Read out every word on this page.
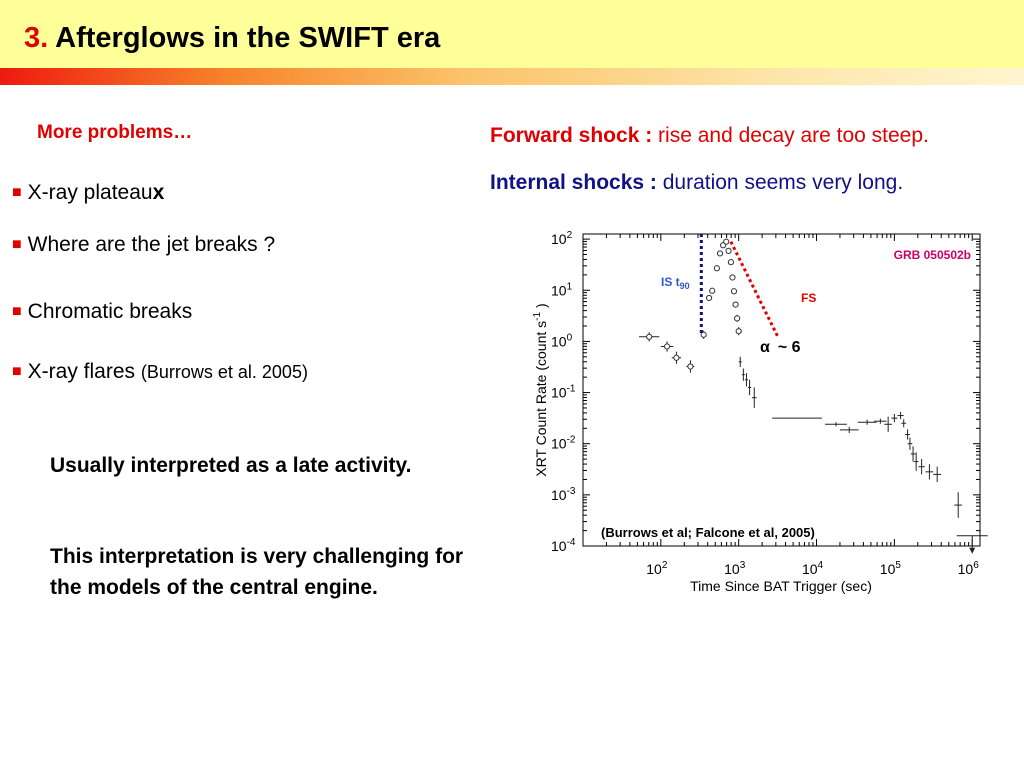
3. Afterglows in the SWIFT era
More problems…
■ X-ray plateaux
■ Where are the jet breaks ?
■ Chromatic breaks
■ X-ray flares (Burrows et al. 2005)
Usually interpreted as a late activity.
This interpretation is very challenging for the models of the central engine.
Forward shock : rise and decay are too steep.
Internal shocks : duration seems very long.
$10^2$	$10^3$	$10^4$	$10^5$	$10^6$
$10^2$
$10^1$
$10^0$
$10^{-1}$
$10^{-2}$
$10^{-3}$
$10^{-4}$
GRB 050502b
IS $t_{90}$
FS
α ~ 6
(Burrows et al; Falcone et al, 2005)
XRT Count Rate (count $s^{-1}$)
Time Since BAT Trigger (sec)
